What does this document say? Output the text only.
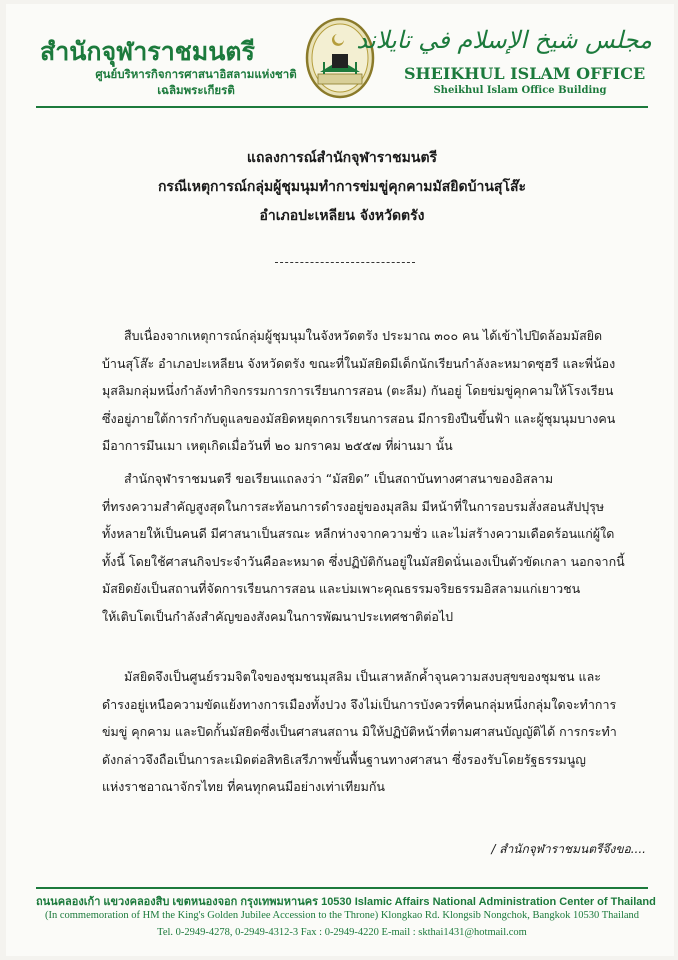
สำนักจุฬาราชมนตรี
ศูนย์บริหารกิจการศาสนาอิสลามแห่งชาติ
เฉลิมพระเกียรติ
مجلس شيخ الإسلام في تايلاند
SHEIKHUL ISLAM OFFICE
Sheikhul Islam Office Building
แถลงการณ์สำนักจุฬาราชมนตรี
กรณีเหตุการณ์กลุ่มผู้ชุมนุมทำการข่มขู่คุกคามมัสยิดบ้านสุโส๊ะ
อำเภอปะเหลียน จังหวัดตรัง
สืบเนื่องจากเหตุการณ์กลุ่มผู้ชุมนุมในจังหวัดตรัง ประมาณ ๓๐๐ คน ได้เข้าไปปิดล้อมมัสยิด
บ้านสุโส๊ะ อำเภอปะเหลียน จังหวัดตรัง ขณะที่ในมัสยิดมีเด็กนักเรียนกำลังละหมาดซุฮรี และพี่น้อง
มุสลิมกลุ่มหนึ่งกำลังทำกิจกรรมการการเรียนการสอน (ตะลีม) กันอยู่ โดยข่มขู่คุกคามให้โรงเรียน
ซึ่งอยู่ภายใต้การกำกับดูแลของมัสยิดหยุดการเรียนการสอน มีการยิงปืนขึ้นฟ้า และผู้ชุมนุมบางคน
มีอาการมึนเมา เหตุเกิดเมื่อวันที่ ๒๐ มกราคม ๒๕๕๗ ที่ผ่านมา นั้น
สำนักจุฬาราชมนตรี ขอเรียนแถลงว่า “มัสยิด” เป็นสถาบันทางศาสนาของอิสลาม
ที่ทรงความสำคัญสูงสุดในการสะท้อนการดำรงอยู่ของมุสลิม มีหน้าที่ในการอบรมสั่งสอนสัปปุรุษ
ทั้งหลายให้เป็นคนดี มีศาสนาเป็นสรณะ หลีกห่างจากความชั่ว และไม่สร้างความเดือดร้อนแก่ผู้ใด
ทั้งนี้ โดยใช้ศาสนกิจประจำวันคือละหมาด ซึ่งปฏิบัติกันอยู่ในมัสยิดนั่นเองเป็นตัวขัดเกลา นอกจากนี้
มัสยิดยังเป็นสถานที่จัดการเรียนการสอน และบ่มเพาะคุณธรรมจริยธรรมอิสลามแก่เยาวชน
ให้เติบโตเป็นกำลังสำคัญของสังคมในการพัฒนาประเทศชาติต่อไป
มัสยิดจึงเป็นศูนย์รวมจิตใจของชุมชนมุสลิม เป็นเสาหลักค้ำจุนความสงบสุขของชุมชน และ
ดำรงอยู่เหนือความขัดแย้งทางการเมืองทั้งปวง จึงไม่เป็นการบังควรที่คนกลุ่มหนึ่งกลุ่มใดจะทำการ
ข่มขู่ คุกคาม และปิดกั้นมัสยิดซึ่งเป็นศาสนสถาน มิให้ปฏิบัติหน้าที่ตามศาสนบัญญัติได้ การกระทำ
ดังกล่าวจึงถือเป็นการละเมิดต่อสิทธิเสรีภาพขั้นพื้นฐานทางศาสนา ซึ่งรองรับโดยรัฐธรรมนูญ
แห่งราชอาณาจักรไทย ที่คนทุกคนมีอย่างเท่าเทียมกัน
/ สำนักจุฬาราชมนตรีจึงขอ....
ถนนคลองเก้า แขวงคลองสิบ เขตหนองจอก กรุงเทพมหานคร 10530 Islamic Affairs National Administration Center of Thailand
(In commemoration of HM the King's Golden Jubilee Accession to the Throne) Klongkao Rd. Klongsib Nongchok, Bangkok 10530 Thailand
Tel. 0-2949-4278, 0-2949-4312-3 Fax : 0-2949-4220 E-mail : skthai1431@hotmail.com
